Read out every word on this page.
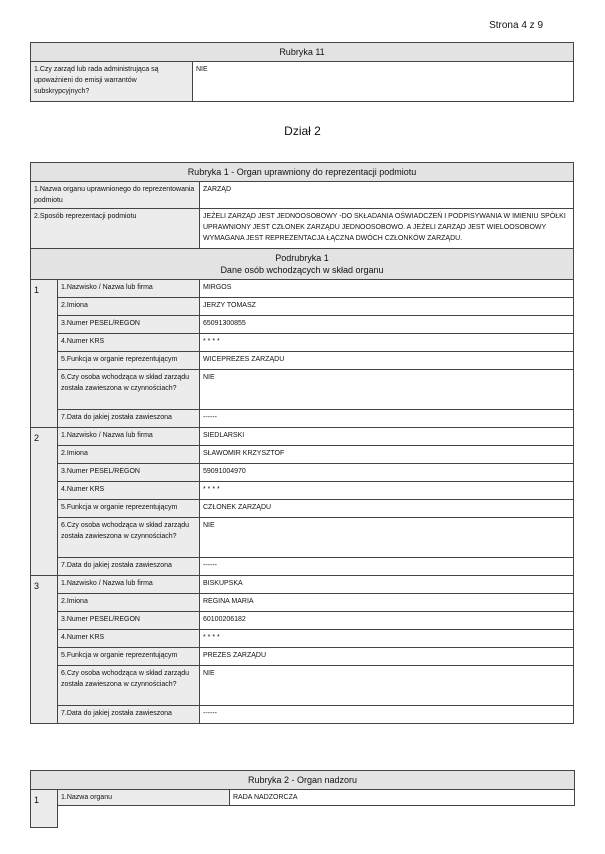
Strona 4 z 9
Rubryka 11
1.Czy zarząd lub rada administrująca są upoważnieni do emisji warrantów subskrypcyjnych?	NIE
Dział 2
Rubryka 1 - Organ uprawniony do reprezentacji podmiotu		
1.Nazwa organu uprawnionego do reprezentowania podmiotu		ZARZĄD
2.Sposób reprezentacji podmiotu		JEŻELI ZARZĄD JEST JEDNOOSOBOWY -DO SKŁADANIA OŚWIADCZEŃ I PODPISYWANIA W IMIENIU SPÓŁKI UPRAWNIONY JEST CZŁONEK ZARZĄDU JEDNOOSOBOWO. A JEŻELI ZARZĄD JEST WIELOOSOBOWY WYMAGANA JEST REPREZENTACJA ŁĄCZNA DWÓCH CZŁONKÓW ZARZĄDU.

Podrubryka 1
Dane osób wchodzących w skład organu		

1	1.Nazwisko / Nazwa lub firma	MIRGOS
	2.Imiona	JERZY TOMASZ
	3.Numer PESEL/REGON	65091300855
	4.Numer KRS	* * * *
	5.Funkcja w organie reprezentującym	WICEPREZES ZARZĄDU
	6.Czy osoba wchodząca w skład zarządu została zawieszona w czynnościach?	NIE
	7.Data do jakiej została zawieszona	------
2	1.Nazwisko / Nazwa lub firma	SIEDLARSKI
	2.Imiona	SŁAWOMIR KRZYSZTOF
	3.Numer PESEL/REGON	59091004970
	4.Numer KRS	* * * *
	5.Funkcja w organie reprezentującym	CZŁONEK ZARZĄDU
	6.Czy osoba wchodząca w skład zarządu została zawieszona w czynnościach?	NIE
	7.Data do jakiej została zawieszona	------
3	1.Nazwisko / Nazwa lub firma	BISKUPSKA
	2.Imiona	REGINA MARIA
	3.Numer PESEL/REGON	60100206182
	4.Numer KRS	* * * *
	5.Funkcja w organie reprezentującym	PREZES ZARZĄDU
	6.Czy osoba wchodząca w skład zarządu została zawieszona w czynnościach?	NIE
	7.Data do jakiej została zawieszona	------
Rubryka 2 - Organ nadzoru
1	1.Nazwa organu	RADA NADZORCZA
